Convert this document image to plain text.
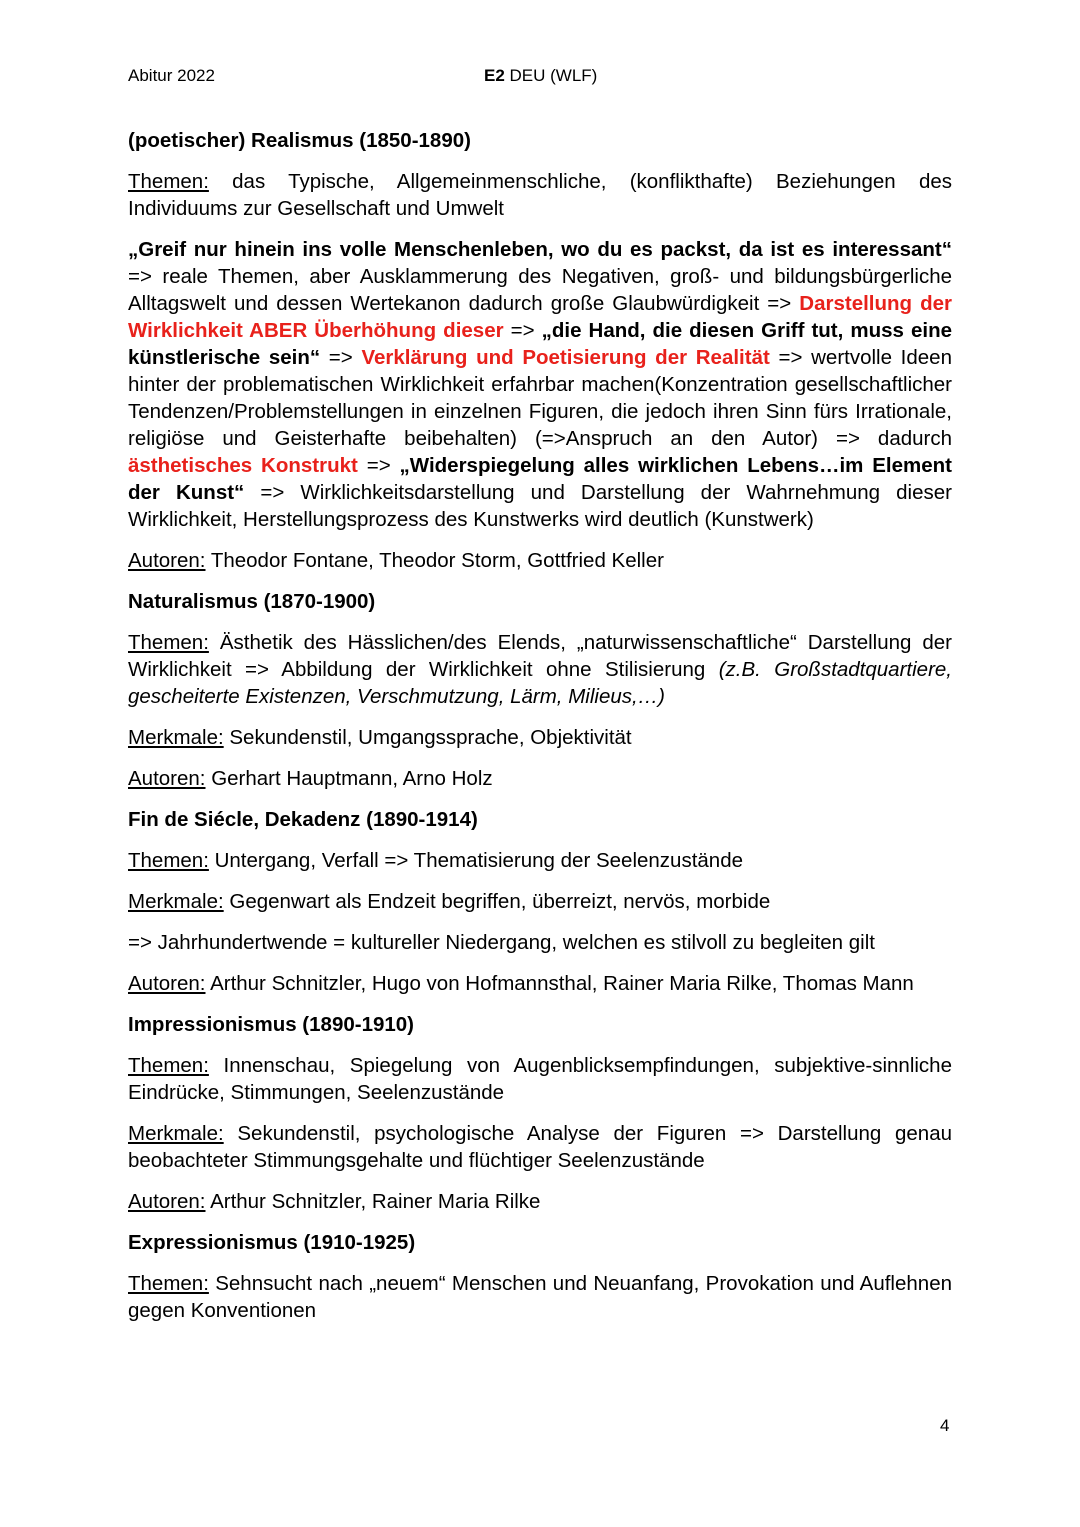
Abitur 2022	E2 DEU (WLF)
(poetischer) Realismus (1850-1890)

Themen: das Typische, Allgemeinmenschliche, (konflikthafte) Beziehungen des Individuums zur Gesellschaft und Umwelt

„Greif nur hinein ins volle Menschenleben, wo du es packst, da ist es interessant“ => reale Themen, aber Ausklammerung des Negativen, groß- und bildungsbürgerliche Alltagswelt und dessen Wertekanon dadurch große Glaubwürdigkeit => Darstellung der Wirklichkeit ABER Überhöhung dieser => „die Hand, die diesen Griff tut, muss eine künstlerische sein“ => Verklärung und Poetisierung der Realität => wertvolle Ideen hinter der problematischen Wirklichkeit erfahrbar machen(Konzentration gesellschaftlicher Tendenzen/Problemstellungen in einzelnen Figuren, die jedoch ihren Sinn fürs Irrationale, religiöse und Geisterhafte beibehalten) (=>Anspruch an den Autor) => dadurch ästhetisches Konstrukt => „Widerspiegelung alles wirklichen Lebens…im Element der Kunst“ => Wirklichkeitsdarstellung und Darstellung der Wahrnehmung dieser Wirklichkeit, Herstellungsprozess des Kunstwerks wird deutlich (Kunstwerk)

Autoren: Theodor Fontane, Theodor Storm, Gottfried Keller

Naturalismus (1870-1900)

Themen: Ästhetik des Hässlichen/des Elends, „naturwissenschaftliche“ Darstellung der Wirklichkeit => Abbildung der Wirklichkeit ohne Stilisierung (z.B. Großstadtquartiere, gescheiterte Existenzen, Verschmutzung, Lärm, Milieus,…)

Merkmale: Sekundenstil, Umgangssprache, Objektivität

Autoren: Gerhart Hauptmann, Arno Holz

Fin de Siécle, Dekadenz (1890-1914)

Themen: Untergang, Verfall => Thematisierung der Seelenzustände

Merkmale: Gegenwart als Endzeit begriffen, überreizt, nervös, morbide

=> Jahrhundertwende = kultureller Niedergang, welchen es stilvoll zu begleiten gilt

Autoren: Arthur Schnitzler, Hugo von Hofmannsthal, Rainer Maria Rilke, Thomas Mann

Impressionismus (1890-1910)

Themen: Innenschau, Spiegelung von Augenblicksempfindungen, subjektive-sinnliche Eindrücke, Stimmungen, Seelenzustände

Merkmale: Sekundenstil, psychologische Analyse der Figuren => Darstellung genau beobachteter Stimmungsgehalte und flüchtiger Seelenzustände

Autoren: Arthur Schnitzler, Rainer Maria Rilke

Expressionismus (1910-1925)

Themen: Sehnsucht nach „neuem“ Menschen und Neuanfang, Provokation und Auflehnen gegen Konventionen

4
